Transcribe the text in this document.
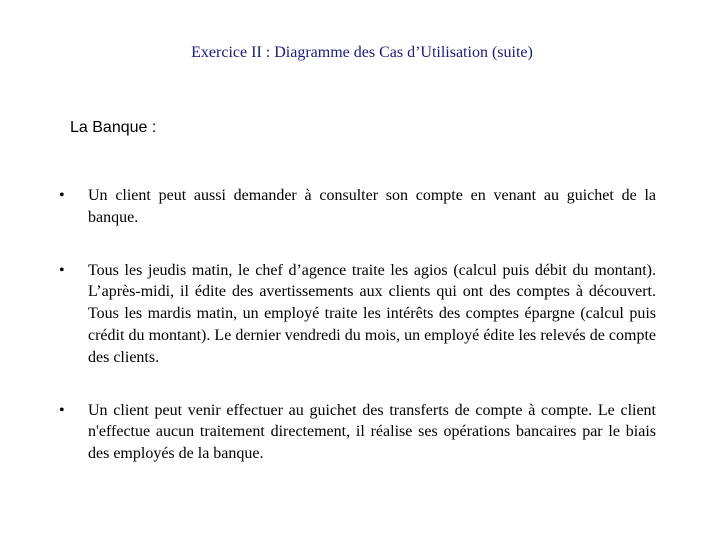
Exercice II : Diagramme des Cas d’Utilisation (suite)
La Banque :
• Un client peut aussi demander à consulter son compte en venant au guichet de la banque.
• Tous les jeudis matin, le chef d’agence traite les agios (calcul puis débit du montant). L’après-midi, il édite des avertissements aux clients qui ont des comptes à découvert. Tous les mardis matin, un employé traite les intérêts des comptes épargne (calcul puis crédit du montant). Le dernier vendredi du mois, un employé édite les relevés de compte des clients.
• Un client peut venir effectuer au guichet des transferts de compte à compte. Le client n'effectue aucun traitement directement, il réalise ses opérations bancaires par le biais des employés de la banque.
